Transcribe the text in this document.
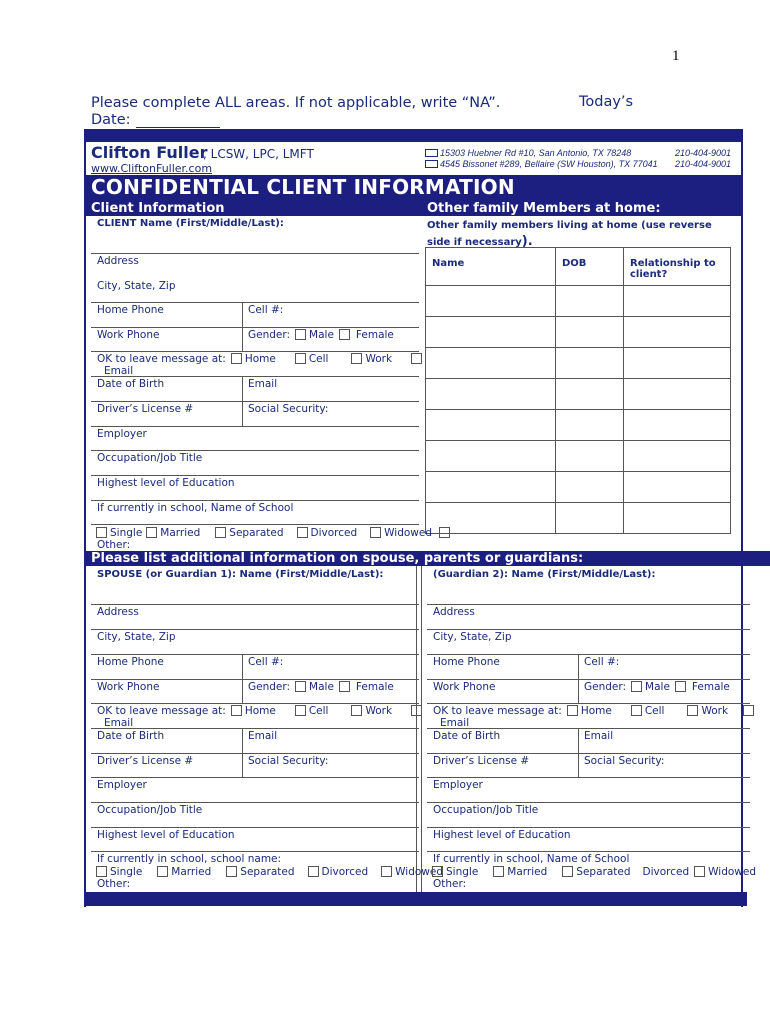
1
Please complete ALL areas. If not applicable, write “NA”.	Today’s
Date:
Clifton Fuller
, LCSW, LPC, LMFT
www.CliftonFuller.com
15303 Huebner Rd #10, San Antonio, TX 78248	210-404-9001
4545 Bissonet #289, Bellaire (SW Houston), TX 77041 210-404-9001
CONFIDENTIAL CLIENT INFORMATION
Client Information	Other family Members at home:
Other family members living at home (use reverse side if necessary).
Name	DOB	Relationship to client?

CLIENT Name (First/Middle/Last):
Address
City, State, Zip
Home Phone	Cell #:
Work Phone	Gender: Male Female
OK to leave message at: Home	Cell	Work
Email
Date of Birth	Email
Driver’s License #	Social Security:
Employer
Occupation/Job Title
Highest level of Education
If currently in school, Name of School
Single Married	Separated	Divorced	Widowed
Other:
Please list additional information on spouse, parents or guardians:
SPOUSE (or Guardian 1): Name (First/Middle/Last):
Address
City, State, Zip
Home Phone	Cell #:
Work Phone	Gender: Male Female
OK to leave message at: Home	Cell	Work
Email
Date of Birth	Email
Driver’s License #	Social Security:
Employer
Occupation/Job Title
Highest level of Education
If currently in school, school name:
Single	Married	Separated	Divorced	Widowed
Other:
(Guardian 2): Name (First/Middle/Last):
Address
City, State, Zip
Home Phone	Cell #:
Work Phone	Gender: Male Female
OK to leave message at: Home	Cell	Work
Email
Date of Birth	Email
Driver’s License #	Social Security:
Employer
Occupation/Job Title
Highest level of Education
If currently in school, Name of School
Single	Married	Separated Divorced Widowed
Other:
